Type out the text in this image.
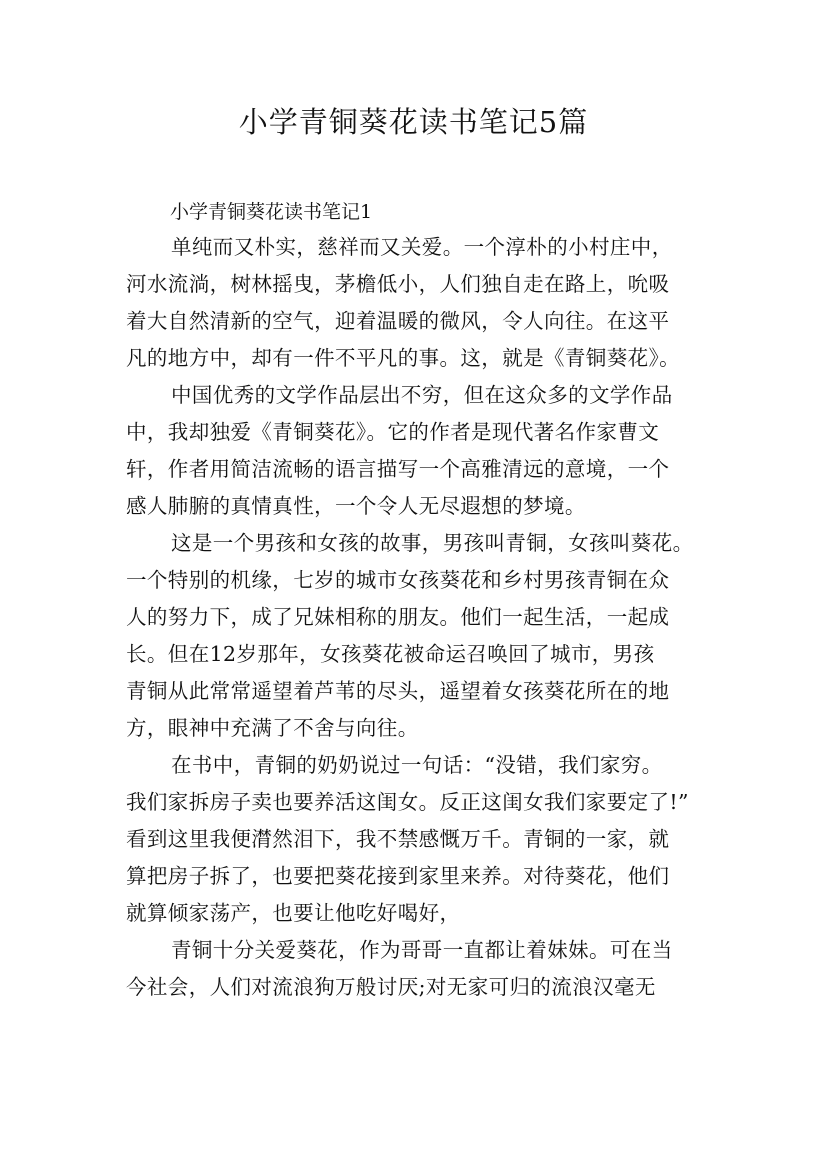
小学青铜葵花读书笔记5篇

小学青铜葵花读书笔记1

单纯而又朴实，慈祥而又关爱。一个淳朴的小村庄中，

河水流淌，树林摇曳，茅檐低小，人们独自走在路上，吮吸

着大自然清新的空气，迎着温暖的微风，令人向往。在这平

凡的地方中，却有一件不平凡的事。这，就是《青铜葵花》。

中国优秀的文学作品层出不穷，但在这众多的文学作品

中，我却独爱《青铜葵花》。它的作者是现代著名作家曹文

轩，作者用简洁流畅的语言描写一个高雅清远的意境，一个

感人肺腑的真情真性，一个令人无尽遐想的梦境。

这是一个男孩和女孩的故事，男孩叫青铜，女孩叫葵花。

一个特别的机缘，七岁的城市女孩葵花和乡村男孩青铜在众

人的努力下，成了兄妹相称的朋友。他们一起生活，一起成

长。但在12岁那年，女孩葵花被命运召唤回了城市，男孩

青铜从此常常遥望着芦苇的尽头，遥望着女孩葵花所在的地

方，眼神中充满了不舍与向往。

在书中，青铜的奶奶说过一句话：“没错，我们家穷。

我们家拆房子卖也要养活这闺女。反正这闺女我们家要定了!”

看到这里我便潸然泪下，我不禁感慨万千。青铜的一家，就

算把房子拆了，也要把葵花接到家里来养。对待葵花，他们

就算倾家荡产，也要让他吃好喝好，

青铜十分关爱葵花，作为哥哥一直都让着妹妹。可在当

今社会，人们对流浪狗万般讨厌;对无家可归的流浪汉毫无
